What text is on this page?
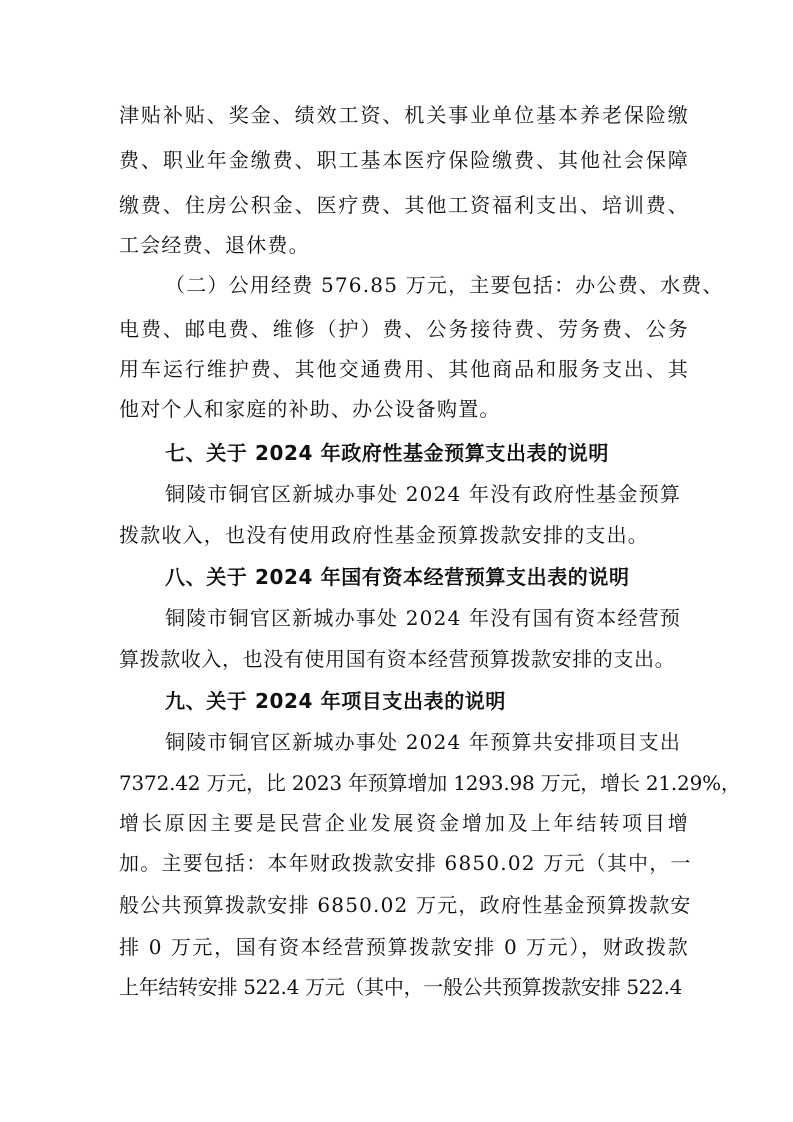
津贴补贴、奖金、绩效工资、机关事业单位基本养老保险缴
费、职业年金缴费、职工基本医疗保险缴费、其他社会保障
缴费、住房公积金、医疗费、其他工资福利支出、培训费、
工会经费、退休费。
（二）公用经费 576.85 万元，主要包括：办公费、水费、
电费、邮电费、维修（护）费、公务接待费、劳务费、公务
用车运行维护费、其他交通费用、其他商品和服务支出、其
他对个人和家庭的补助、办公设备购置。
七、关于 2024 年政府性基金预算支出表的说明
铜陵市铜官区新城办事处 2024 年没有政府性基金预算
拨款收入，也没有使用政府性基金预算拨款安排的支出。
八、关于 2024 年国有资本经营预算支出表的说明
铜陵市铜官区新城办事处 2024 年没有国有资本经营预
算拨款收入，也没有使用国有资本经营预算拨款安排的支出。
九、关于 2024 年项目支出表的说明
铜陵市铜官区新城办事处 2024 年预算共安排项目支出
7372.42 万元，比 2023 年预算增加 1293.98 万元，增长 21.29%，
增长原因主要是民营企业发展资金增加及上年结转项目增
加。主要包括：本年财政拨款安排 6850.02 万元（其中，一
般公共预算拨款安排 6850.02 万元，政府性基金预算拨款安
排 0 万元，国有资本经营预算拨款安排 0 万元），财政拨款
上年结转安排 522.4 万元（其中，一般公共预算拨款安排 522.4
